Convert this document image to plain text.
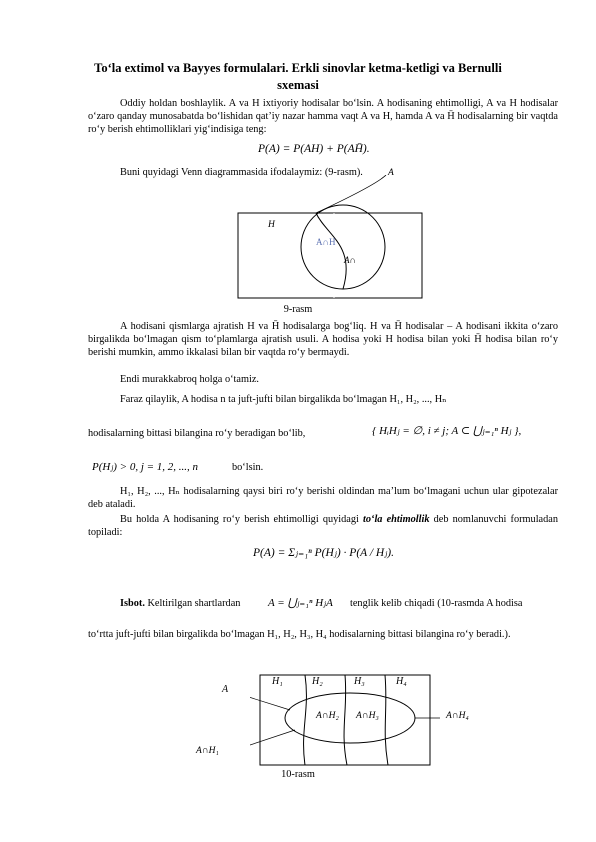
To‘la extimol va Bayyes formulalari. Erkli sinovlar ketma-ketligi va Bernulli sxemasi

Oddiy holdan boshlaylik. A va H ixtiyoriy hodisalar bo‘lsin. A hodisaning ehtimolligi, A va H hodisalar o‘zaro qanday munosabatda bo‘lishidan qat’iy nazar hamma vaqt A va H, hamda A va H̄ hodisalarning bir vaqtda ro‘y berish ehtimolliklari yig‘indisiga teng:

P(A) = P(AH) + P(AH̄).

Buni quyidagi Venn diagrammasida ifodalaymiz: (9-rasm).	A
H
A∩H
A∩
9-rasm

A hodisani qismlarga ajratish H va H̄ hodisalarga bog‘liq. H va H̄ hodisalar – A hodisani ikkita o‘zaro birgalikda bo‘lmagan qism to‘plamlarga ajratish usuli. A hodisa yoki H hodisa bilan yoki H̄ hodisa bilan ro‘y berishi mumkin, ammo ikkalasi bilan bir vaqtda ro‘y bermaydi.

Endi murakkabroq holga o‘tamiz.

Faraz qilaylik, A hodisa n ta juft-jufti bilan birgalikda bo‘lmagan H₁, H₂, ..., Hₙ

hodisalarning bittasi bilangina ro‘y beradigan bo‘lib,	{ HᵢHⱼ = ∅, i ≠ j; A ⊂ ⋃ⱼ₌₁ⁿ Hⱼ },
P(Hⱼ) > 0, j = 1, 2, ..., n	bo‘lsin.

H₁, H₂, ..., Hₙ hodisalarning qaysi biri ro‘y berishi oldindan ma’lum bo‘lmagani uchun ular gipotezalar deb ataladi.

Bu holda A hodisaning ro‘y berish ehtimolligi quyidagi to‘la ehtimollik deb nomlanuvchi formuladan topiladi:

P(A) = Σⱼ₌₁ⁿ P(Hⱼ) · P(A / Hⱼ).
Isbot. Keltirilgan shartlardan	A = ⋃ⱼ₌₁ⁿ HⱼA tenglik kelib chiqadi (10-rasmda A hodisa

to‘rtta juft-jufti bilan birgalikda bo‘lmagan H₁, H₂, H₃, H₄ hodisalarning bittasi bilangina ro‘y beradi.).

H₁	H₂	H₃	H₄
A
A∩H₂ A∩H₃	A∩H₄
A∩H₁
10-rasm
